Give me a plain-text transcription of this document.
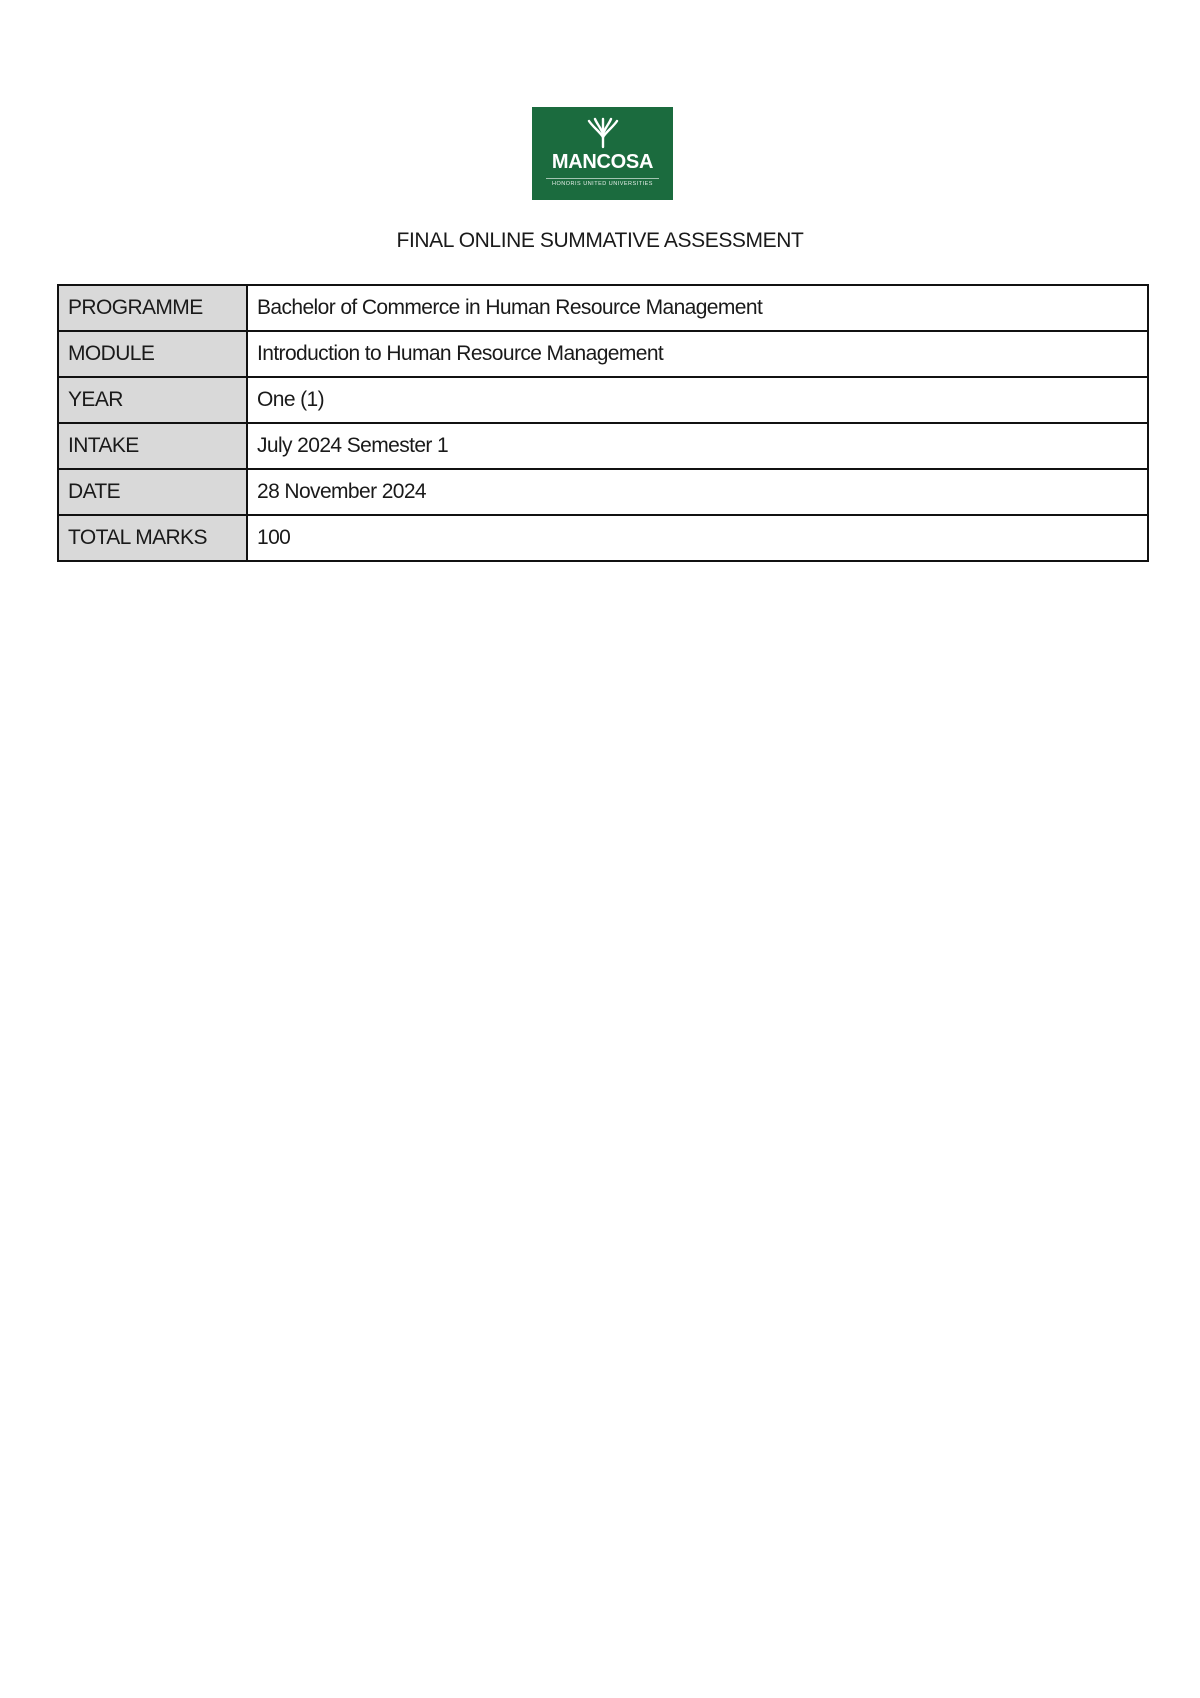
MANCOSA
HONORIS UNITED UNIVERSITIES
FINAL ONLINE SUMMATIVE ASSESSMENT
PROGRAMME	Bachelor of Commerce in Human Resource Management
MODULE	Introduction to Human Resource Management
YEAR	One (1)
INTAKE	July 2024 Semester 1
DATE	28 November 2024
TOTAL MARKS	100
